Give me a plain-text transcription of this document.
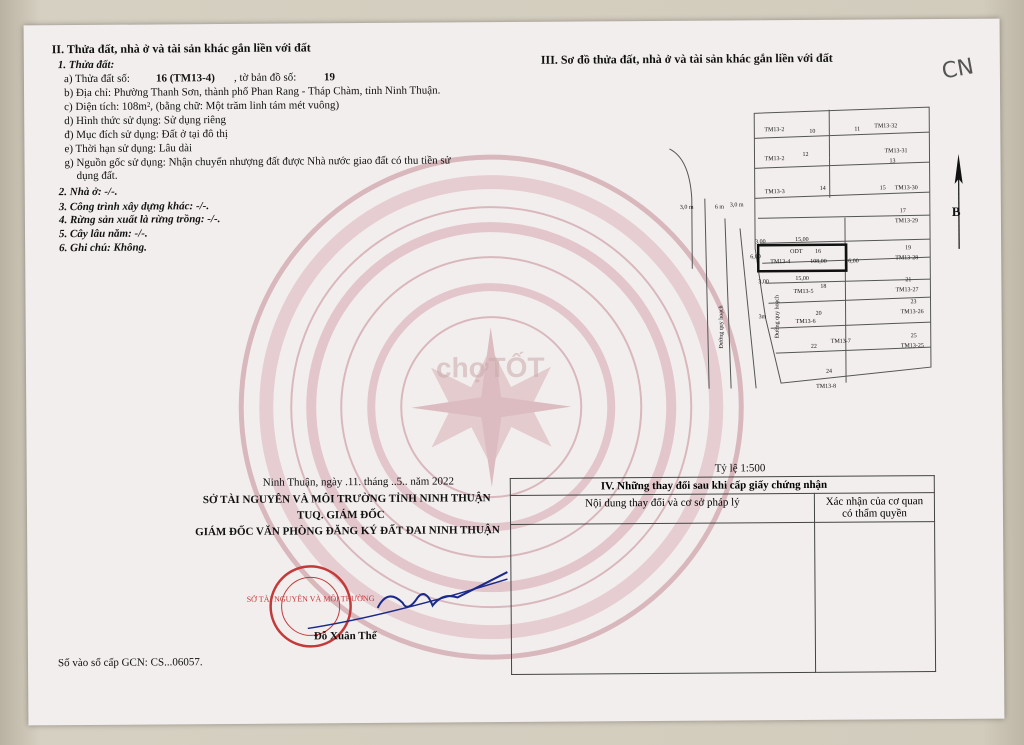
chợTỐT
CN
II. Thửa đất, nhà ở và tài sản khác gắn liền với đất
1. Thửa đất:
a) Thửa đất số: 16 (TM13-4) , tờ bản đồ số:	19
b) Địa chỉ: Phường Thanh Sơn, thành phố Phan Rang - Tháp Chàm, tỉnh Ninh Thuận.
c) Diện tích: 108m², (bằng chữ: Một trăm linh tám mét vuông)
d) Hình thức sử dụng: Sử dụng riêng
đ) Mục đích sử dụng: Đất ở tại đô thị
e) Thời hạn sử dụng: Lâu dài
g) Nguồn gốc sử dụng: Nhận chuyển nhượng đất được Nhà nước giao đất có thu tiền sử
dụng đất.
2. Nhà ở: -/-.
3. Công trình xây dựng khác: -/-.
4. Rừng sản xuất là rừng trồng: -/-.
5. Cây lâu năm: -/-.
6. Ghi chú: Không.
III. Sơ đồ thửa đất, nhà ở và tài sản khác gắn liền với đất
TM13-2	10	11
TM13-32
TM13-2
12
TM13-31
13
TM13-3
14	15 TM13-30
17
TM13-29
ODT 16
TM13-4	108,00
19
TM13-28
18
TM13-5
21
TM13-27
20
TM13-6
23
TM13-26
22
TM13-7
25
TM13-25
24
TM13-8
3,0 m	6 m 3,0 m
3,00	15,00
15,00
3,00
6,00
6,00
3m
Đường quy hoạch	Đường quy hoạch
B
Tỷ lệ 1:500
Ninh Thuận, ngày .11. tháng ..5.. năm 2022
SỞ TÀI NGUYÊN VÀ MÔI TRƯỜNG TỈNH NINH THUẬN
TUQ. GIÁM ĐỐC
GIÁM ĐỐC VĂN PHÒNG ĐĂNG KÝ ĐẤT ĐAI NINH THUẬN
SỞ TÀI NGUYÊN VÀ MÔI TRƯỜNG
Đỗ Xuân Thể
Số vào sổ cấp GCN: CS...06057.
IV. Những thay đổi sau khi cấp giấy chứng nhận	
Nội dung thay đổi và cơ sở pháp lý	Xác nhận của cơ quan
có thẩm quyền
